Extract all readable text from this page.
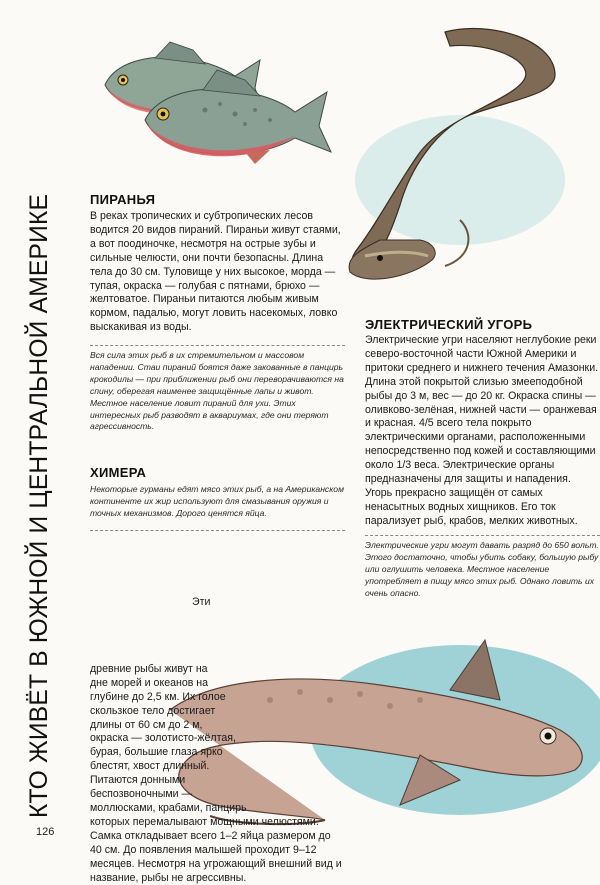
КТО ЖИВЁТ В ЮЖНОЙ И ЦЕНТРАЛЬНОЙ АМЕРИКЕ	ПИРАНЬЯ

В реках тропических и субтропических лесов водится 20 видов пираний. Пираньи живут стаями, а вот поодиночке, несмотря на острые зубы и сильные челюсти, они почти безопасны. Длина тела до 30 см. Туловище у них высокое, морда — тупая, окраска — голубая с пятнами, брюхо — желтоватое. Пираньи питаются любым живым кормом, падалью, могут ловить насекомых, ловко выскакивая из воды.

Вся сила этих рыб в их стремительном и массовом нападении. Стаи пираний боятся даже закованные в панцирь крокодилы — при приближении рыб они переворачиваются на спину, оберегая наименее защищённые лапы и живот. Местное население ловит пираний для ухи. Этих интересных рыб разводят в аквариумах, где они теряют агрессивность.

ХИМЕРА

Некоторые гурманы едят мясо этих рыб, а на Американском континенте их жир используют для смазывания оружия и точных механизмов. Дорого ценятся яйца.

Эти древние рыбы живут на дне морей и океанов на глубине до 2,5 км. Их голое скользкое тело достигает длины от 60 см до 2 м, окраска — золотисто-жёлтая, бурая, большие глаза ярко блестят, хвост длинный. Питаются донными беспозвоночными — моллюсками, крабами, панцирь которых перемалывают мощными челюстями. Самка откладывает всего 1–2 яйца размером до 40 см. До появления малышей проходит 9–12 месяцев. Несмотря на угрожающий внешний вид и название, рыбы не агрессивны.

ЭЛЕКТРИЧЕСКИЙ УГОРЬ

Электрические угри населяют неглубокие реки северо-восточной части Южной Америки и притоки среднего и нижнего течения Амазонки. Длина этой покрытой слизью змееподобной рыбы до 3 м, вес — до 20 кг. Окраска спины — оливково-зелёная, нижней части — оранжевая и красная. 4/5 всего тела покрыто электрическими органами, расположенными непосредственно под кожей и составляющими около 1/3 веса. Электрические органы предназначены для защиты и нападения. Угорь прекрасно защищён от самых ненасытных водных хищников. Его ток парализует рыб, крабов, мелких животных.

Электрические угри могут давать разряд до 650 вольт. Этого достаточно, чтобы убить собаку, большую рыбу или оглушить человека. Местное население употребляет в пищу мясо этих рыб. Однако ловить их очень опасно.

126
